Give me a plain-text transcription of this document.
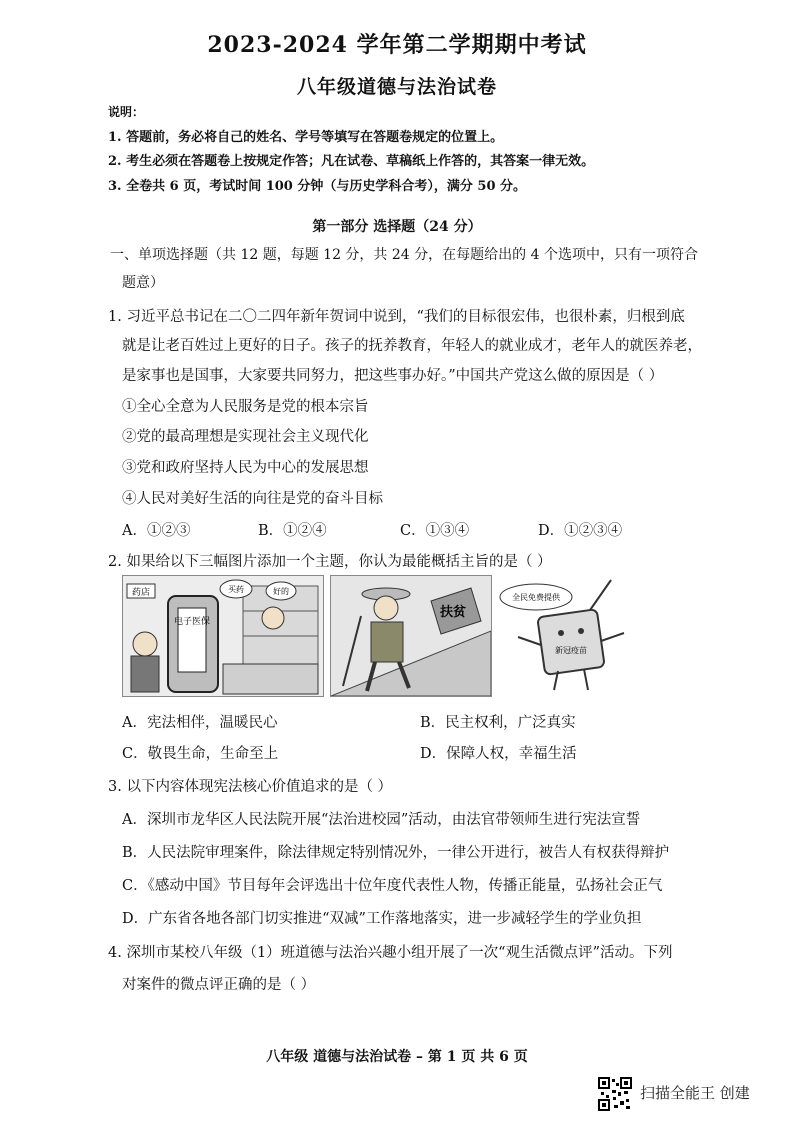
2023-2024 学年第二学期期中考试
八年级道德与法治试卷
说明：
1. 答题前，务必将自己的姓名、学号等填写在答题卷规定的位置上。
2. 考生必须在答题卷上按规定作答；凡在试卷、草稿纸上作答的，其答案一律无效。
3. 全卷共 6 页，考试时间 100 分钟（与历史学科合考），满分 50 分。
第一部分 选择题（24 分）
一、单项选择题（共 12 题，每题 12 分，共 24 分，在每题给出的 4 个选项中，只有一项符合
题意）
1. 习近平总书记在二〇二四年新年贺词中说到，“我们的目标很宏伟，也很朴素，归根到底
就是让老百姓过上更好的日子。孩子的抚养教育，年轻人的就业成才，老年人的就医养老，
是家事也是国事，大家要共同努力，把这些事办好。”中国共产党这么做的原因是（ ）
①全心全意为人民服务是党的根本宗旨
②党的最高理想是实现社会主义现代化
③党和政府坚持人民为中心的发展思想
④人民对美好生活的向往是党的奋斗目标
A．①②③	B．①②④	C．①③④	D．①②③④
2. 如果给以下三幅图片添加一个主题，你认为最能概括主旨的是（ ）
药店
电子医保
买药	好的
扶贫
全民免费提供
新冠疫苗
A．宪法相伴，温暖民心	B．民主权利，广泛真实
C．敬畏生命，生命至上	D．保障人权，幸福生活
3. 以下内容体现宪法核心价值追求的是（ ）
A．深圳市龙华区人民法院开展“法治进校园”活动，由法官带领师生进行宪法宣誓
B．人民法院审理案件，除法律规定特别情况外，一律公开进行，被告人有权获得辩护
C．《感动中国》节目每年会评选出十位年度代表性人物，传播正能量，弘扬社会正气
D．广东省各地各部门切实推进“双减”工作落地落实，进一步减轻学生的学业负担
4. 深圳市某校八年级（1）班道德与法治兴趣小组开展了一次“观生活微点评”活动。下列
对案件的微点评正确的是（ ）
八年级 道德与法治试卷 – 第 1 页 共 6 页
扫描全能王 创建
